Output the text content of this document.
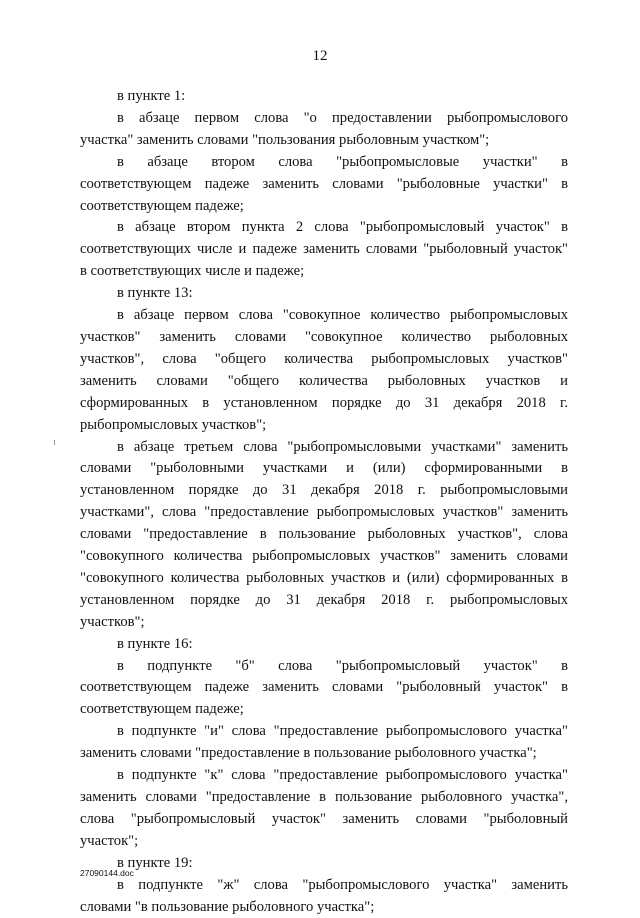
12
в пункте 1:
в абзаце первом слова "о предоставлении рыбопромыслового
участка" заменить словами "пользования рыболовным участком";
в абзаце втором слова "рыбопромысловые участки" в
соответствующем падеже заменить словами "рыболовные участки" в
соответствующем падеже;
в абзаце втором пункта 2 слова "рыбопромысловый участок" в
соответствующих числе и падеже заменить словами "рыболовный участок"
в соответствующих числе и падеже;
в пункте 13:
в абзаце первом слова "совокупное количество рыбопромысловых
участков" заменить словами "совокупное количество рыболовных
участков", слова "общего количества рыбопромысловых участков"
заменить словами "общего количества рыболовных участков и
сформированных в установленном порядке до 31 декабря 2018 г.
рыбопромысловых участков";
в абзаце третьем слова "рыбопромысловыми участками" заменить
словами "рыболовными участками и (или) сформированными в
установленном порядке до 31 декабря 2018 г. рыбопромысловыми
участками", слова "предоставление рыбопромысловых участков" заменить
словами "предоставление в пользование рыболовных участков", слова
"совокупного количества рыбопромысловых участков" заменить словами
"совокупного количества рыболовных участков и (или) сформированных в
установленном порядке до 31 декабря 2018 г. рыбопромысловых
участков";
в пункте 16:
в подпункте "б" слова "рыбопромысловый участок" в
соответствующем падеже заменить словами "рыболовный участок" в
соответствующем падеже;
в подпункте "и" слова "предоставление рыбопромыслового участка"
заменить словами "предоставление в пользование рыболовного участка";
в подпункте "к" слова "предоставление рыбопромыслового участка"
заменить словами "предоставление в пользование рыболовного участка",
слова "рыбопромысловый участок" заменить словами "рыболовный
участок";
в пункте 19:
в подпункте "ж" слова "рыбопромыслового участка" заменить
словами "в пользование рыболовного участка";
27090144.doc
